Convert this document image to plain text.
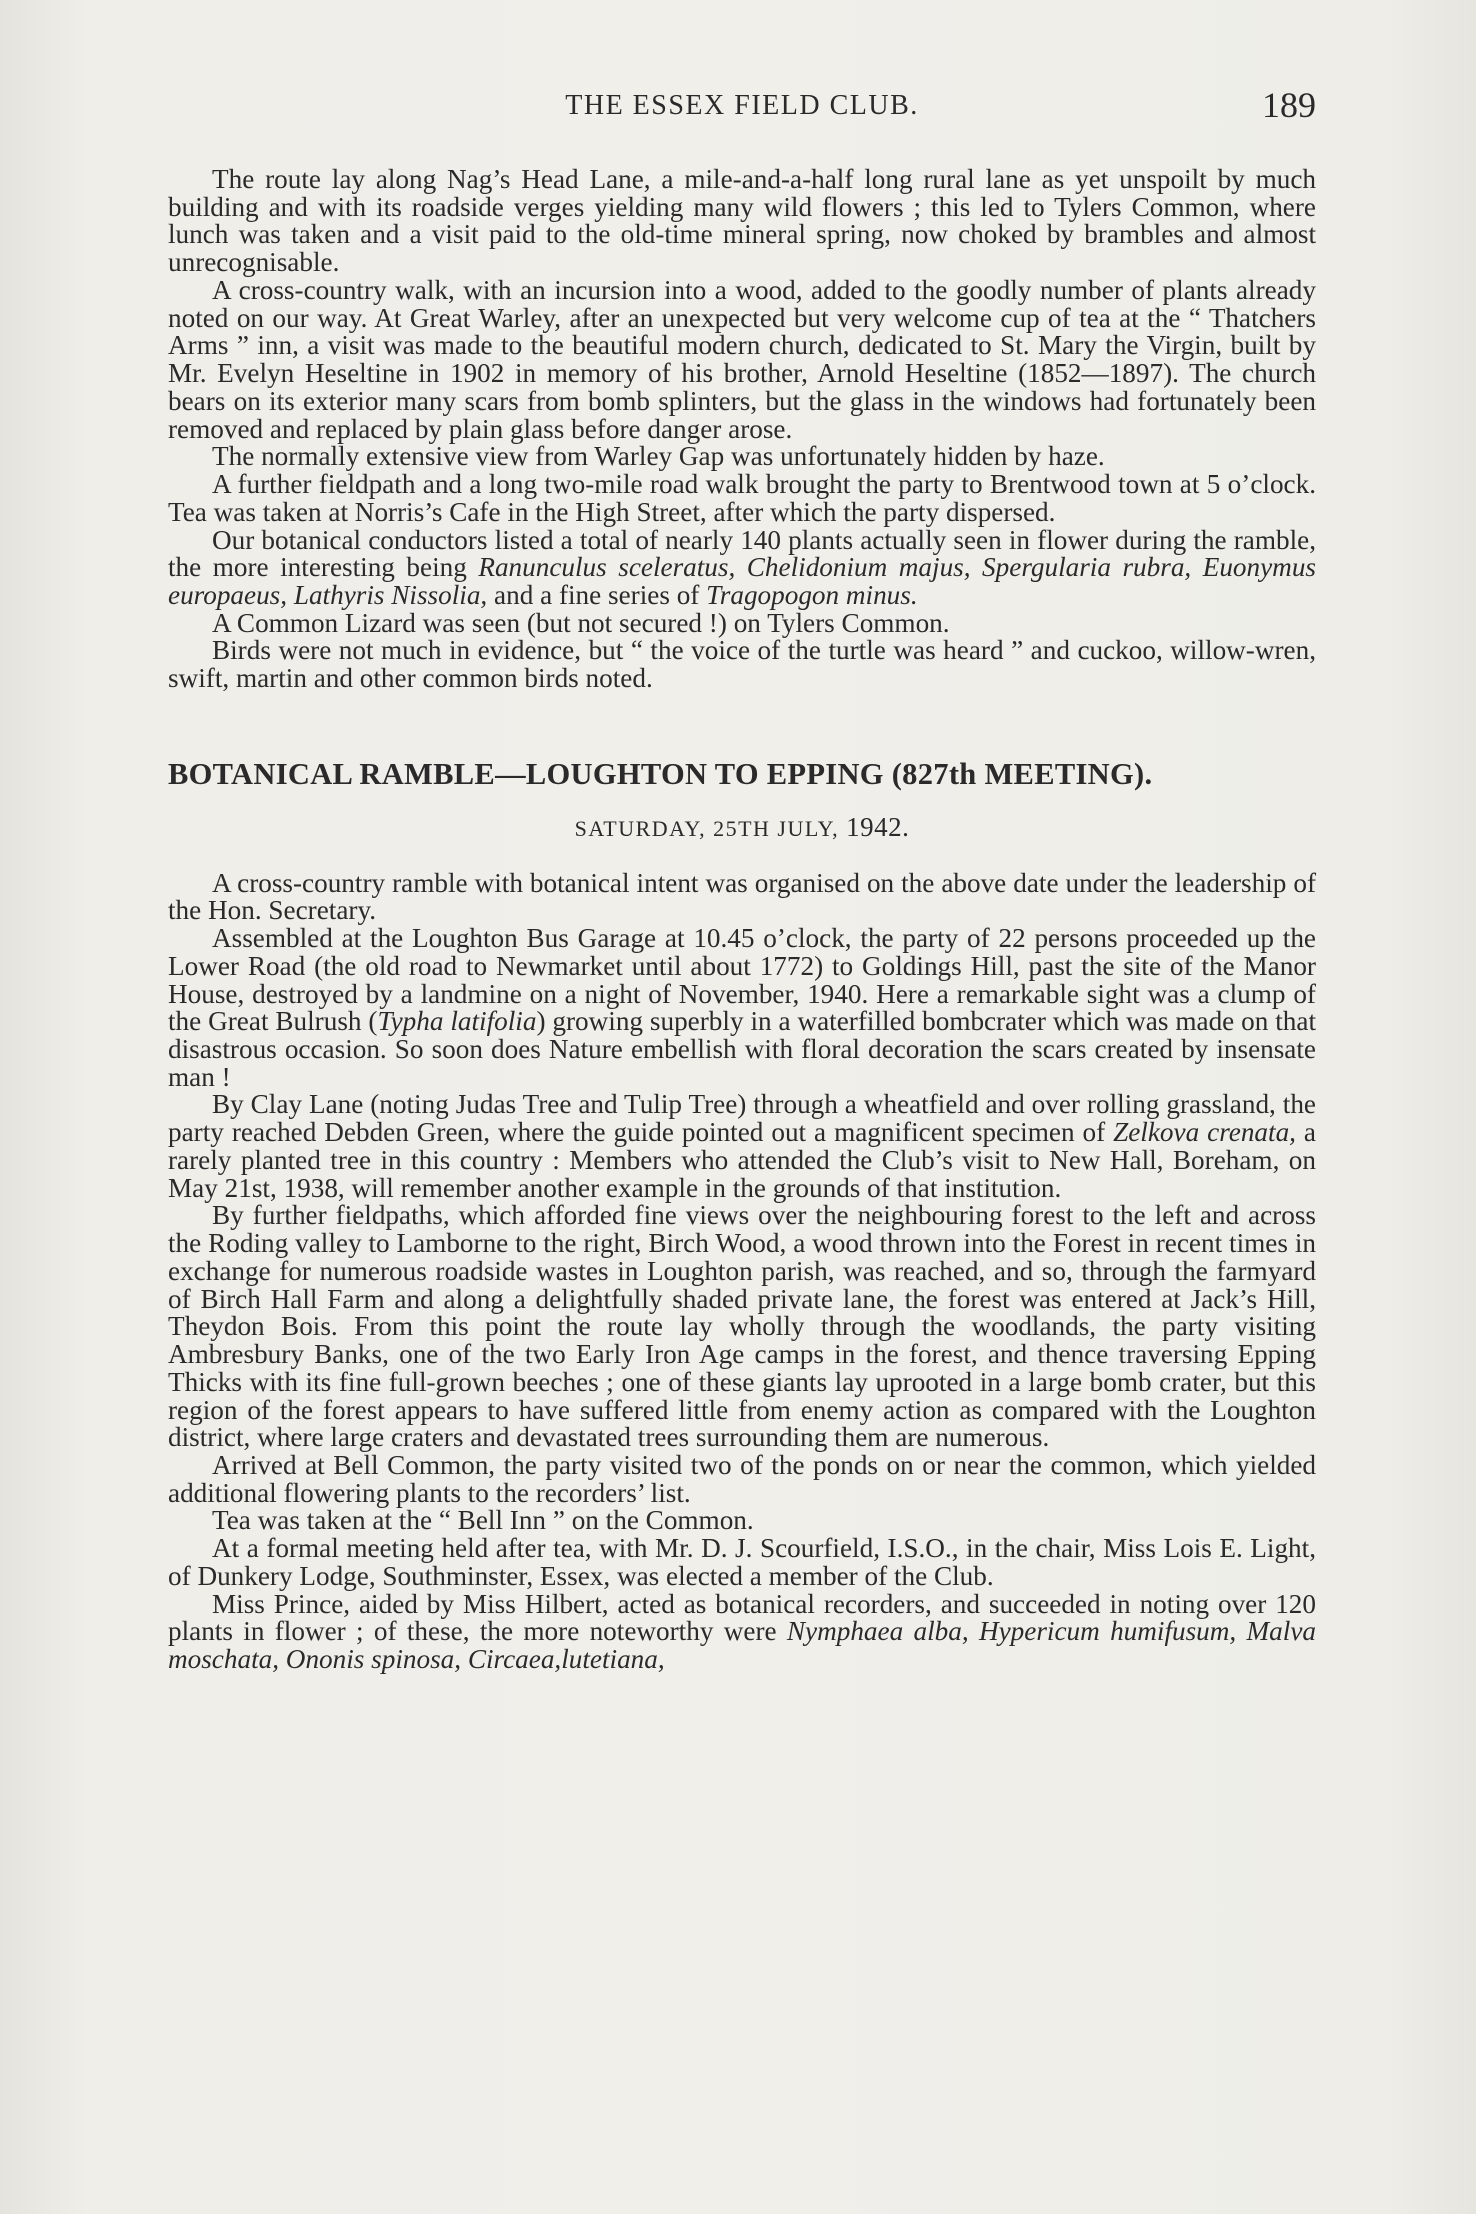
THE ESSEX FIELD CLUB.	189

The route lay along Nag’s Head Lane, a mile-and-a-half long rural lane as yet unspoilt by much building and with its roadside verges yielding many wild flowers ; this led to Tylers Common, where lunch was taken and a visit paid to the old-time mineral spring, now choked by brambles and almost unrecognisable.

A cross-country walk, with an incursion into a wood, added to the goodly number of plants already noted on our way. At Great Warley, after an unexpected but very welcome cup of tea at the “ Thatchers Arms ” inn, a visit was made to the beautiful modern church, dedicated to St. Mary the Virgin, built by Mr. Evelyn Heseltine in 1902 in memory of his brother, Arnold Heseltine (1852—1897). The church bears on its exterior many scars from bomb splinters, but the glass in the windows had fortunately been removed and replaced by plain glass before danger arose.

The normally extensive view from Warley Gap was unfortunately hidden by haze.

A further fieldpath and a long two-mile road walk brought the party to Brentwood town at 5 o’clock. Tea was taken at Norris’s Cafe in the High Street, after which the party dispersed.

Our botanical conductors listed a total of nearly 140 plants actually seen in flower during the ramble, the more interesting being Ranunculus sceleratus, Chelidonium majus, Spergularia rubra, Euonymus europaeus, Lathyris Nissolia, and a fine series of Tragopogon minus.

A Common Lizard was seen (but not secured !) on Tylers Common.

Birds were not much in evidence, but “ the voice of the turtle was heard ” and cuckoo, willow-wren, swift, martin and other common birds noted.

BOTANICAL RAMBLE—LOUGHTON TO EPPING (827th MEETING).
SATURDAY, 25TH JULY, 1942.

A cross-country ramble with botanical intent was organised on the above date under the leadership of the Hon. Secretary.

Assembled at the Loughton Bus Garage at 10.45 o’clock, the party of 22 persons proceeded up the Lower Road (the old road to Newmarket until about 1772) to Goldings Hill, past the site of the Manor House, destroyed by a landmine on a night of November, 1940. Here a remarkable sight was a clump of the Great Bulrush (Typha latifolia) growing superbly in a waterfilled bombcrater which was made on that disastrous occasion. So soon does Nature embellish with floral decoration the scars created by insensate man !

By Clay Lane (noting Judas Tree and Tulip Tree) through a wheatfield and over rolling grassland, the party reached Debden Green, where the guide pointed out a magnificent specimen of Zelkova crenata, a rarely planted tree in this country : Members who attended the Club’s visit to New Hall, Boreham, on May 21st, 1938, will remember another example in the grounds of that institution.

By further fieldpaths, which afforded fine views over the neighbouring forest to the left and across the Roding valley to Lamborne to the right, Birch Wood, a wood thrown into the Forest in recent times in exchange for numerous roadside wastes in Loughton parish, was reached, and so, through the farmyard of Birch Hall Farm and along a delightfully shaded private lane, the forest was entered at Jack’s Hill, Theydon Bois. From this point the route lay wholly through the woodlands, the party visiting Ambresbury Banks, one of the two Early Iron Age camps in the forest, and thence traversing Epping Thicks with its fine full-grown beeches ; one of these giants lay uprooted in a large bomb crater, but this region of the forest appears to have suffered little from enemy action as compared with the Loughton district, where large craters and devastated trees surrounding them are numerous.

Arrived at Bell Common, the party visited two of the ponds on or near the common, which yielded additional flowering plants to the recorders’ list.

Tea was taken at the “ Bell Inn ” on the Common.

At a formal meeting held after tea, with Mr. D. J. Scourfield, I.S.O., in the chair, Miss Lois E. Light, of Dunkery Lodge, Southminster, Essex, was elected a member of the Club.

Miss Prince, aided by Miss Hilbert, acted as botanical recorders, and succeeded in noting over 120 plants in flower ; of these, the more noteworthy were Nymphaea alba, Hypericum humifusum, Malva moschata, Ononis spinosa, Circaea,lutetiana,
